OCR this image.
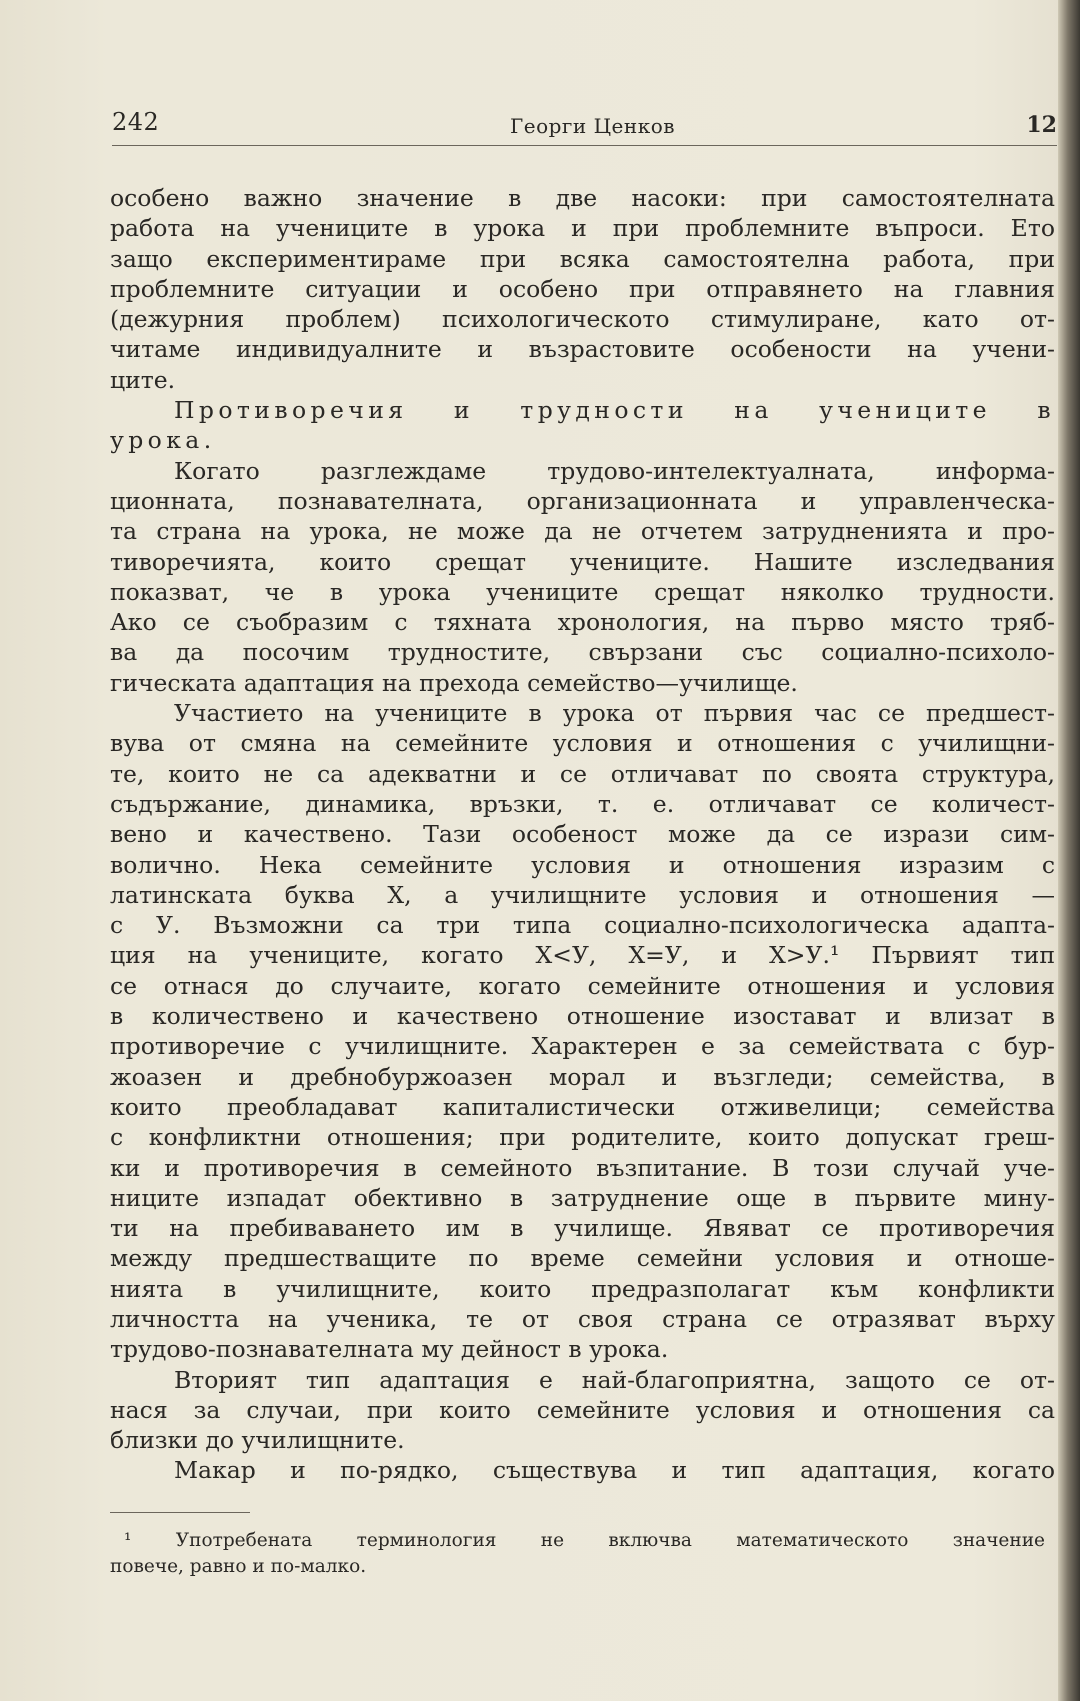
242	Георги Ценков	12
особено важно значение в две насоки: при самостоятелната
работа на учениците в урока и при проблемните въпроси. Ето
защо експериментираме при всяка самостоятелна работа, при
проблемните ситуации и особено при отправянето на главния
(дежурния проблем) психологическото стимулиране, като от-
читаме индивидуалните и възрастовите особености на учени-
ците.
Противоречия и трудности на учениците в
урока.
Когато разглеждаме трудово-интелектуалната, информа-
ционната, познавателната, организационната и управленческа-
та страна на урока, не може да не отчетем затрудненията и про-
тиворечията, които срещат учениците. Нашите изследвания
показват, че в урока учениците срещат няколко трудности.
Ако се съобразим с тяхната хронология, на първо място тряб-
ва да посочим трудностите, свързани със социално-психоло-
гическата адаптация на прехода семейство—училище.
Участието на учениците в урока от първия час се предшест-
вува от смяна на семейните условия и отношения с училищни-
те, които не са адекватни и се отличават по своята структура,
съдържание, динамика, връзки, т. е. отличават се количест-
вено и качествено. Тази особеност може да се изрази сим-
волично. Нека семейните условия и отношения изразим с
латинската буква X, а училищните условия и отношения —
с У. Възможни са три типа социално-психологическа адапта-
ция на учениците, когато X<У, X=У, и X>У.¹ Първият тип
се отнася до случаите, когато семейните отношения и условия
в количествено и качествено отношение изостават и влизат в
противоречие с училищните. Характерен е за семействата с бур-
жоазен и дребнобуржоазен морал и възгледи; семейства, в
които преобладават капиталистически отживелици; семейства
с конфликтни отношения; при родителите, които допускат греш-
ки и противоречия в семейното възпитание. В този случай уче-
ниците изпадат обективно в затруднение още в първите мину-
ти на пребиваването им в училище. Явяват се противоречия
между предшестващите по време семейни условия и отноше-
нията в училищните, които предразполагат към конфликти
личността на ученика, те от своя страна се отразяват върху
трудово-познавателната му дейност в урока.
Вторият тип адаптация е най-благоприятна, защото се от-
нася за случаи, при които семейните условия и отношения са
близки до училищните.
Макар и по-рядко, съществува и тип адаптация, когато
¹ Употребената терминология не включва математическото значение
повече, равно и по-малко.
